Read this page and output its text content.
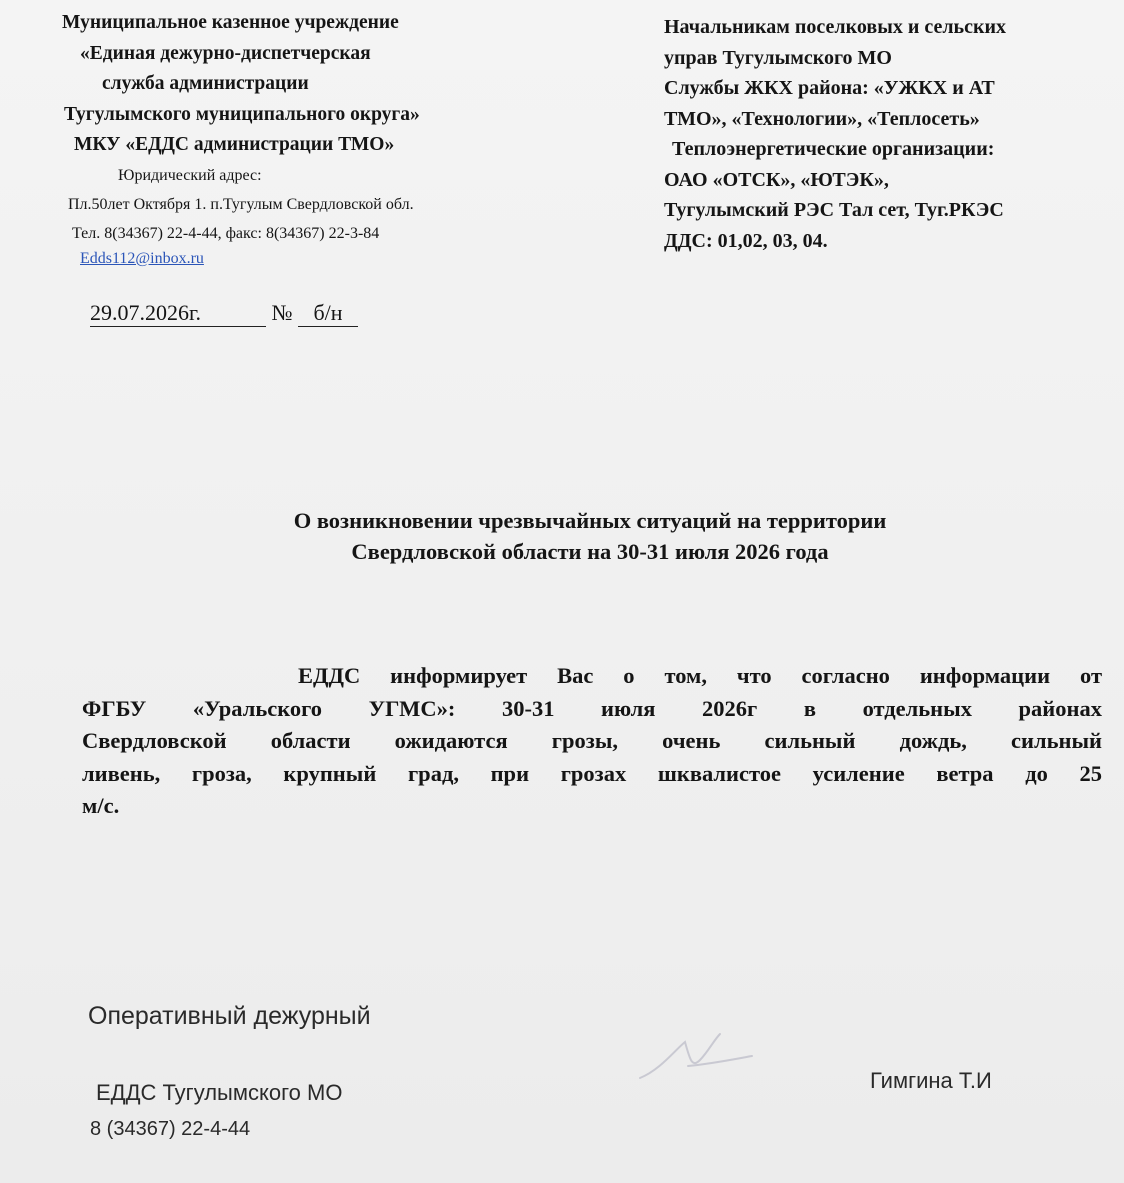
Муниципальное казенное учреждение
«Единая дежурно-диспетчерская
служба администрации
Тугулымского муниципального округа»
МКУ «ЕДДС администрации ТМО»
Юридический адрес:
Пл.50лет Октября 1. п.Тугулым Свердловской обл.
Тел. 8(34367) 22-4-44, факс: 8(34367) 22-3-84
Edds112@inbox.ru
Начальникам поселковых и сельских
управ Тугулымского МО
Службы ЖКХ района: «УЖКХ и АТ
ТМО», «Технологии», «Теплосеть»
Теплоэнергетические организации:
ОАО «ОТСК», «ЮТЭК»,
Тугулымский РЭС Тал сет, Туг.РКЭС
ДДС: 01,02, 03, 04.
29.07.2026г.	№ б/н
О возникновении чрезвычайных ситуаций на территории
Свердловской области на 30-31 июля 2026 года
ЕДДС информирует Вас о том, что согласно информации от
ФГБУ «Уральского УГМС»: 30-31 июля 2026г в отдельных районах
Свердловской области ожидаются грозы, очень сильный дождь, сильный
ливень, гроза, крупный град, при грозах шквалистое усиление ветра до 25
м/с.
Оперативный дежурный
ЕДДС Тугулымского МО
8 (34367) 22-4-44
Гимгина Т.И
